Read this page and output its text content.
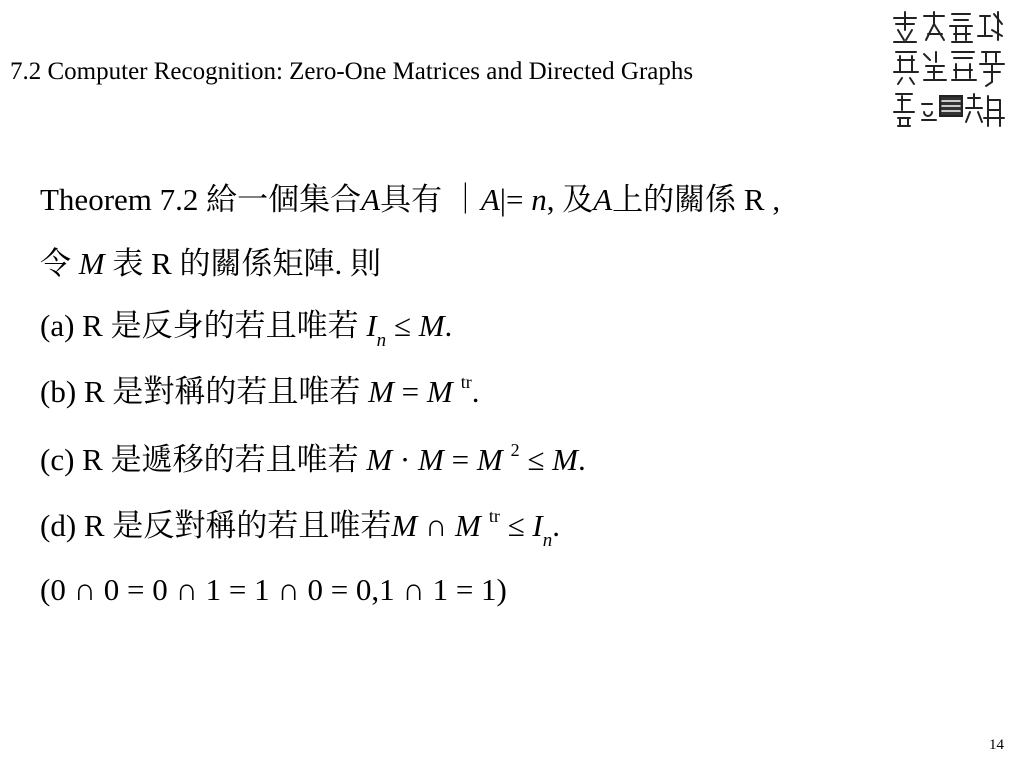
7.2 Computer Recognition: Zero-One Matrices and Directed Graphs
Theorem 7.2 給一個集合A具有 ｜A|= n, 及A上的關係 R ,
令 M 表 R 的關係矩陣. 則
(a) R 是反身的若且唯若 $I_n \le M$.
(b) R 是對稱的若且唯若 M = M $^{tr}$.
(c) R 是遞移的若且唯若 M · M = M $^2$ ≤ M.
(d) R 是反對稱的若且唯若M ∩ M $^{tr} \le I_n$.
(0 ∩ 0 = 0 ∩ 1 = 1 ∩ 0 = 0,1 ∩ 1 = 1)
14
